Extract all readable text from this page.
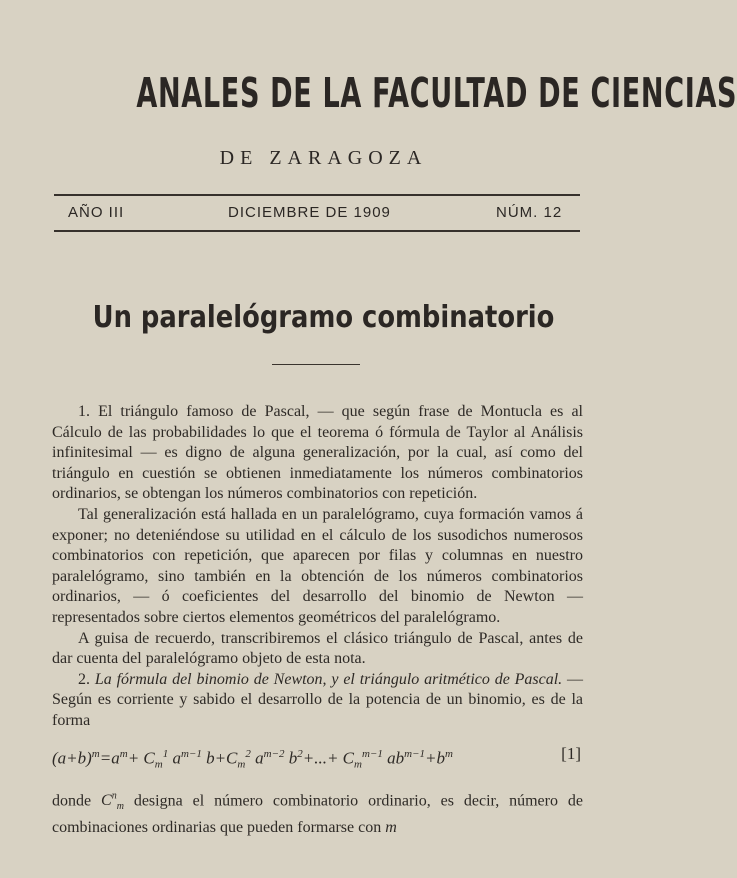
ANALES DE LA FACULTAD DE CIENCIAS
DE ZARAGOZA
AÑO III	DICIEMBRE DE 1909	NÚM. 12
Un paralelógramo combinatorio

1. El triángulo famoso de Pascal, — que según frase de Montucla es al Cálculo de las probabilidades lo que el teorema ó fórmula de Taylor al Análisis infinitesimal — es digno de alguna generalización, por la cual, así como del triángulo en cuestión se obtienen inmediatamente los números combinatorios ordinarios, se obtengan los números combinatorios con repetición.

Tal generalización está hallada en un paralelógramo, cuya formación vamos á exponer; no deteniéndose su utilidad en el cálculo de los susodichos numerosos combinatorios con repetición, que aparecen por filas y columnas en nuestro paralelógramo, sino también en la obtención de los números combinatorios ordinarios, — ó coeficientes del desarrollo del binomio de Newton — representados sobre ciertos elementos geométricos del paralelógramo.

A guisa de recuerdo, transcribiremos el clásico triángulo de Pascal, antes de dar cuenta del paralelógramo objeto de esta nota.

2. La fórmula del binomio de Newton, y el triángulo aritmético de Pascal. — Según es corriente y sabido el desarrollo de la potencia de un binomio, es de la forma

$(a+b)^m=a^m+ C_m^1$ $a^{m-1}$ $b+C_m^2$ $a^{m-2}$ $b^2+...+ C_m^{m-1}$ $ab^{m-1}+b^m$	[1]

donde $C^n_m$ designa el número combinatorio ordinario, es decir, número de combinaciones ordinarias que pueden formarse con m
